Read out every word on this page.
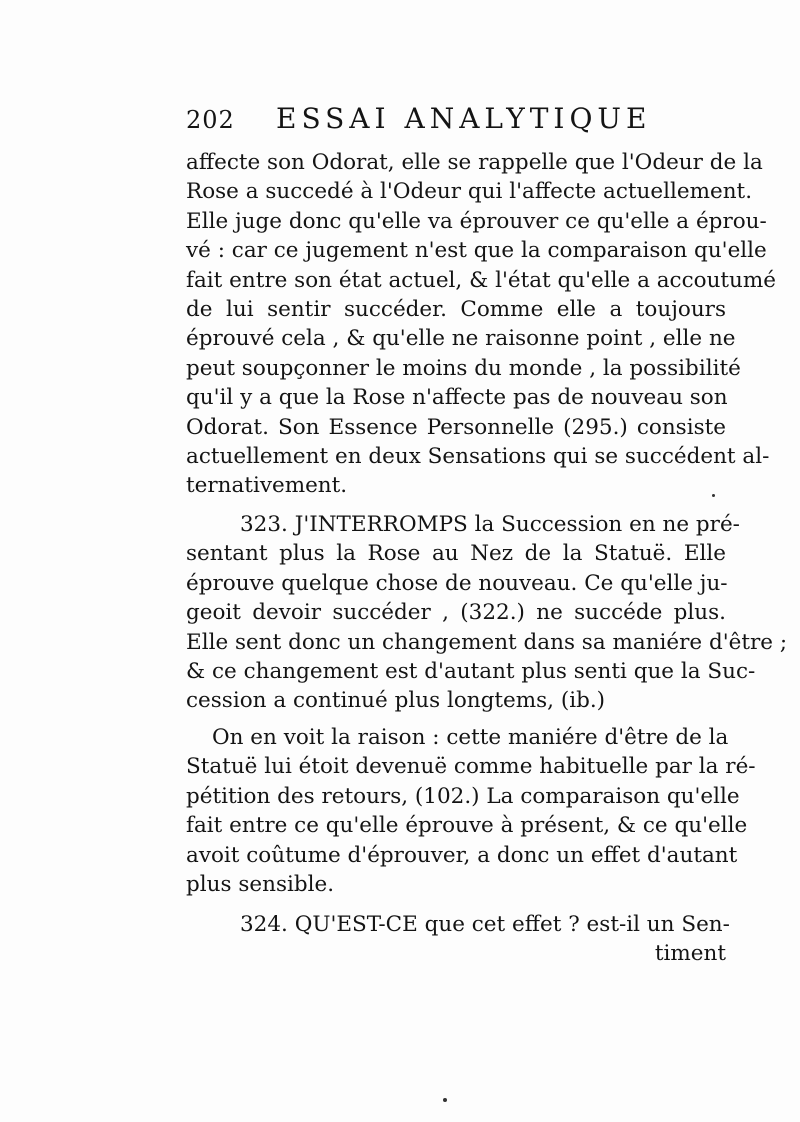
202 ESSAI ANALYTIQUE
affecte son Odorat, elle se rappelle que l'Odeur de la
Rose a succedé à l'Odeur qui l'affecte actuellement.
Elle juge donc qu'elle va éprouver ce qu'elle a éprou-
vé : car ce jugement n'est que la comparaison qu'elle
fait entre son état actuel, & l'état qu'elle a accoutumé
de lui sentir succéder. Comme elle a toujours
éprouvé cela , & qu'elle ne raisonne point , elle ne
peut soupçonner le moins du monde , la possibilité
qu'il y a que la Rose n'affecte pas de nouveau son
Odorat. Son Essence Personnelle (295.) consiste
actuellement en deux Sensations qui se succédent al-
ternativement.
323. J'INTERROMPS la Succession en ne pré-
sentant plus la Rose au Nez de la Statuë. Elle
éprouve quelque chose de nouveau. Ce qu'elle ju-
geoit devoir succéder , (322.) ne succéde plus.
Elle sent donc un changement dans sa maniére d'être ;
& ce changement est d'autant plus senti que la Suc-
cession a continué plus longtems, (ib.)
On en voit la raison : cette maniére d'être de la
Statuë lui étoit devenuë comme habituelle par la ré-
pétition des retours, (102.) La comparaison qu'elle
fait entre ce qu'elle éprouve à présent, & ce qu'elle
avoit coûtume d'éprouver, a donc un effet d'autant
plus sensible.
324. QU'EST-CE que cet effet ? est-il un Sen-
timent
